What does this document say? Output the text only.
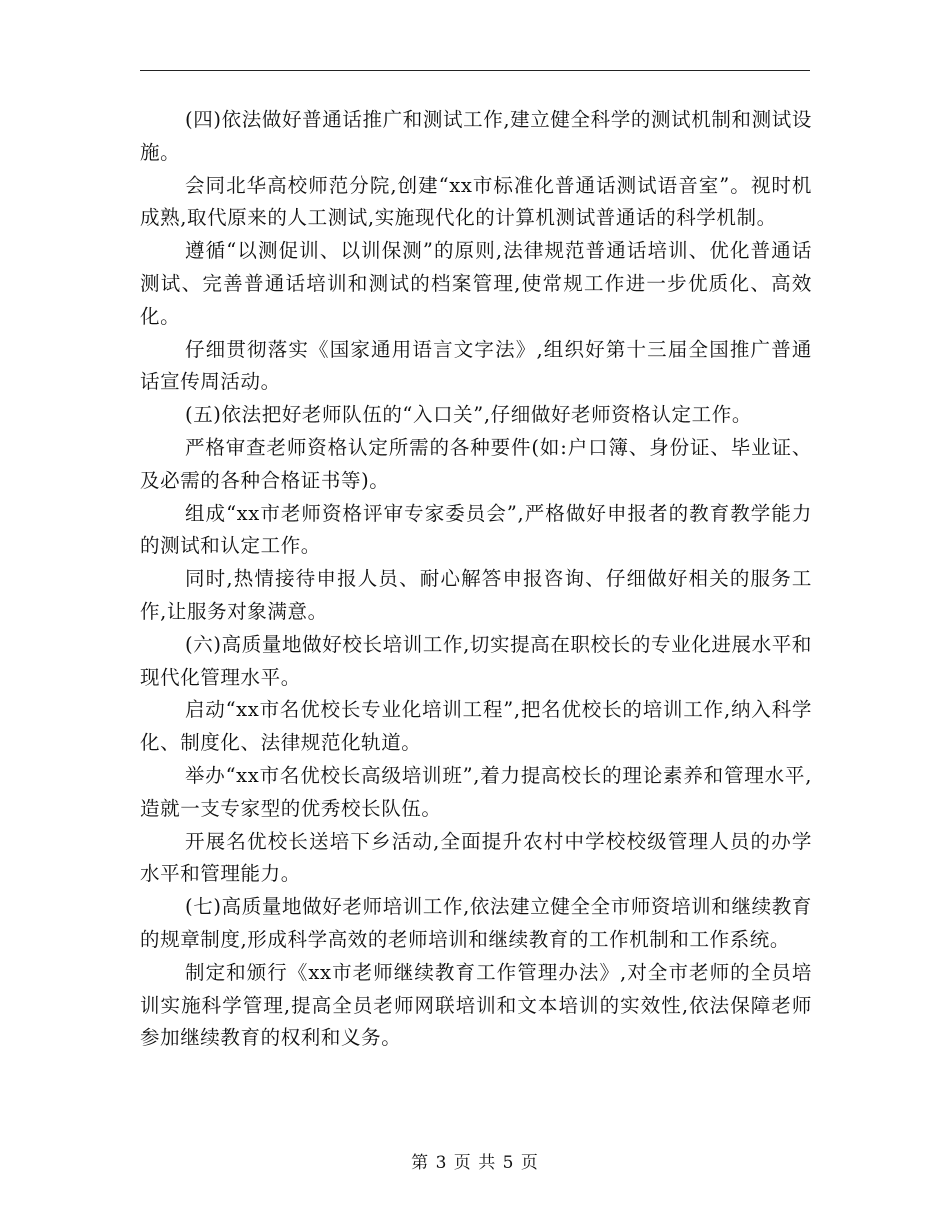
(四)依法做好普通话推广和测试工作,建立健全科学的测试机制和测试设施。

会同北华高校师范分院,创建“xx市标准化普通话测试语音室”。视时机成熟,取代原来的人工测试,实施现代化的计算机测试普通话的科学机制。

遵循“以测促训、以训保测”的原则,法律规范普通话培训、优化普通话测试、完善普通话培训和测试的档案管理,使常规工作进一步优质化、高效化。

仔细贯彻落实《国家通用语言文字法》,组织好第十三届全国推广普通话宣传周活动。

(五)依法把好老师队伍的“入口关”,仔细做好老师资格认定工作。

严格审查老师资格认定所需的各种要件(如:户口簿、身份证、毕业证、及必需的各种合格证书等)。

组成“xx市老师资格评审专家委员会”,严格做好申报者的教育教学能力的测试和认定工作。

同时,热情接待申报人员、耐心解答申报咨询、仔细做好相关的服务工作,让服务对象满意。

(六)高质量地做好校长培训工作,切实提高在职校长的专业化进展水平和现代化管理水平。

启动“xx市名优校长专业化培训工程”,把名优校长的培训工作,纳入科学化、制度化、法律规范化轨道。

举办“xx市名优校长高级培训班”,着力提高校长的理论素养和管理水平,造就一支专家型的优秀校长队伍。

开展名优校长送培下乡活动,全面提升农村中学校校级管理人员的办学水平和管理能力。

(七)高质量地做好老师培训工作,依法建立健全全市师资培训和继续教育的规章制度,形成科学高效的老师培训和继续教育的工作机制和工作系统。

制定和颁行《xx市老师继续教育工作管理办法》,对全市老师的全员培训实施科学管理,提高全员老师网联培训和文本培训的实效性,依法保障老师参加继续教育的权利和义务。

第 3 页 共 5 页
